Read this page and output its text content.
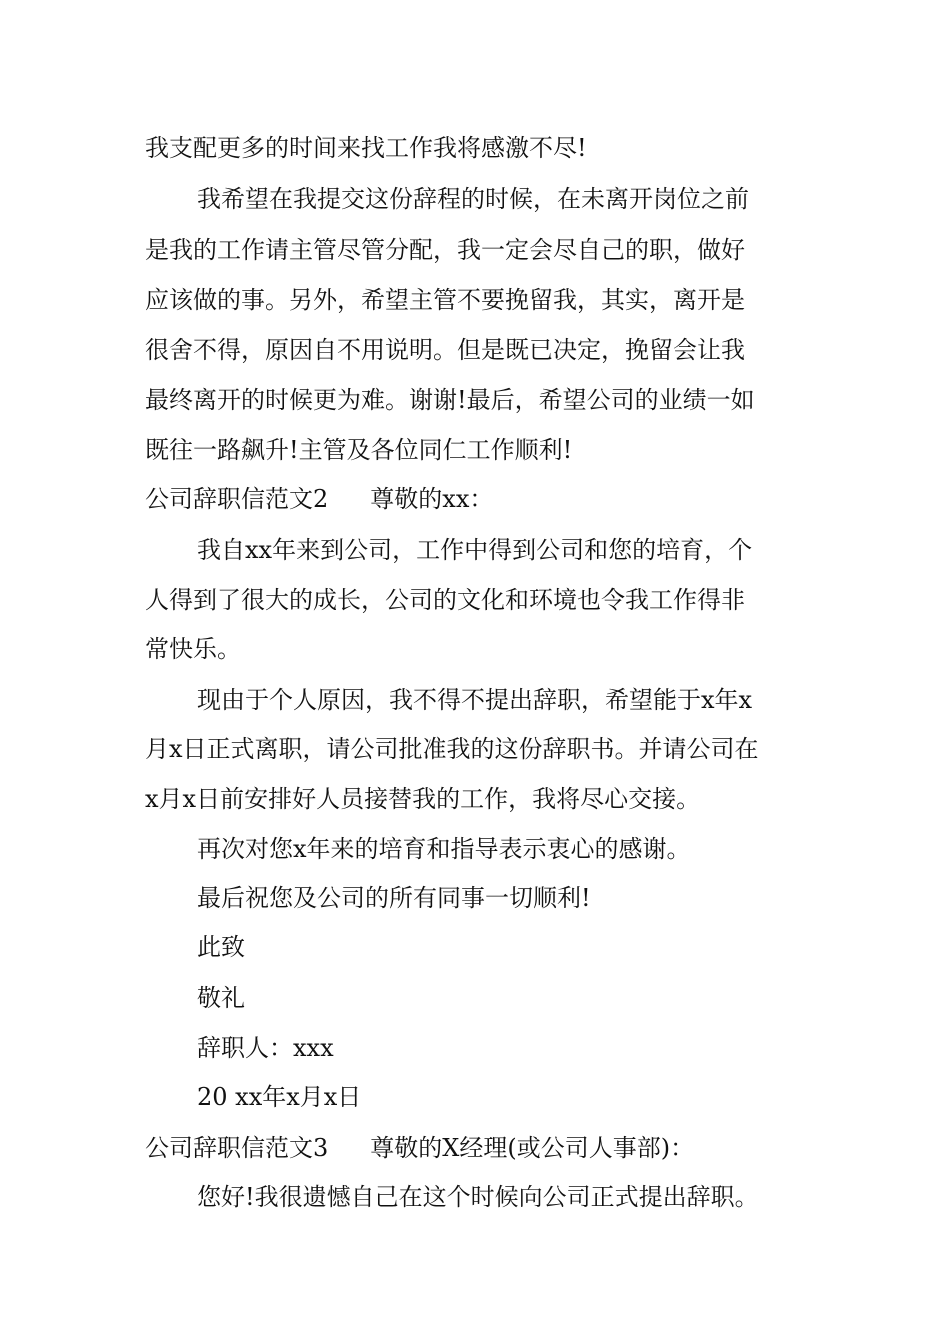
我支配更多的时间来找工作我将感激不尽!
我希望在我提交这份辞程的时候，在未离开岗位之前
是我的工作请主管尽管分配，我一定会尽自己的职，做好
应该做的事。另外，希望主管不要挽留我，其实，离开是
很舍不得，原因自不用说明。但是既已决定，挽留会让我
最终离开的时候更为难。谢谢!最后，希望公司的业绩一如
既往一路飙升!主管及各位同仁工作顺利!
公司辞职信范文2 尊敬的xx：
我自xx年来到公司，工作中得到公司和您的培育，个
人得到了很大的成长，公司的文化和环境也令我工作得非
常快乐。
现由于个人原因，我不得不提出辞职，希望能于x年x
月x日正式离职，请公司批准我的这份辞职书。并请公司在
x月x日前安排好人员接替我的工作，我将尽心交接。
再次对您x年来的培育和指导表示衷心的感谢。
最后祝您及公司的所有同事一切顺利!
此致
敬礼
辞职人：xxx
20 xx年x月x日
公司辞职信范文3 尊敬的X经理(或公司人事部)：
您好!我很遗憾自己在这个时候向公司正式提出辞职。
